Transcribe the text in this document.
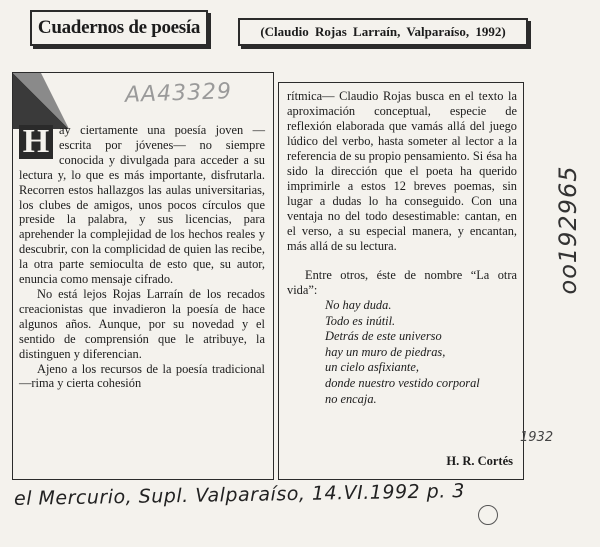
Cuadernos de poesía	(Claudio Rojas Larraín, Valparaíso, 1992)
AA43329

H ay ciertamente una poesía joven —escrita por jóvenes— no siempre conocida y divulgada para acceder a su lectura y, lo que es más importante, disfrutarla. Recorren estos hallazgos las aulas universitarias, los clubes de amigos, unos pocos círculos que preside la palabra, y sus licencias, para aprehender la complejidad de los hechos reales y descubrir, con la complicidad de quien las recibe, la otra parte semioculta de esto que, su autor, enuncia como mensaje cifrado.

No está lejos Rojas Larraín de los recados creacionistas que invadieron la poesía de hace algunos años. Aunque, por su novedad y el sentido de comprensión que le atribuye, la distinguen y diferencian.

Ajeno a los recursos de la poesía tradicional —rima y cierta cohesión

rítmica— Claudio Rojas busca en el texto la aproximación conceptual, especie de reflexión elaborada que vamás allá del juego lúdico del verbo, hasta someter al lector a la referencia de su propio pensamiento. Si ésa ha sido la dirección que el poeta ha querido imprimirle a estos 12 breves poemas, sin lugar a dudas lo ha conseguido. Con una ventaja no del todo desestimable: cantan, en el verso, a su especial manera, y encantan, más allá de su lectura.

Entre otros, éste de nombre “La otra vida”:

No hay duda.
Todo es inútil.
Detrás de este universo
hay un muro de piedras,
un cielo asfixiante,
donde nuestro vestido corporal
no encaja.
H. R. Cortés
1932
oo192965
el Mercurio, Supl. Valparaíso, 14.VI.1992 p. 3
